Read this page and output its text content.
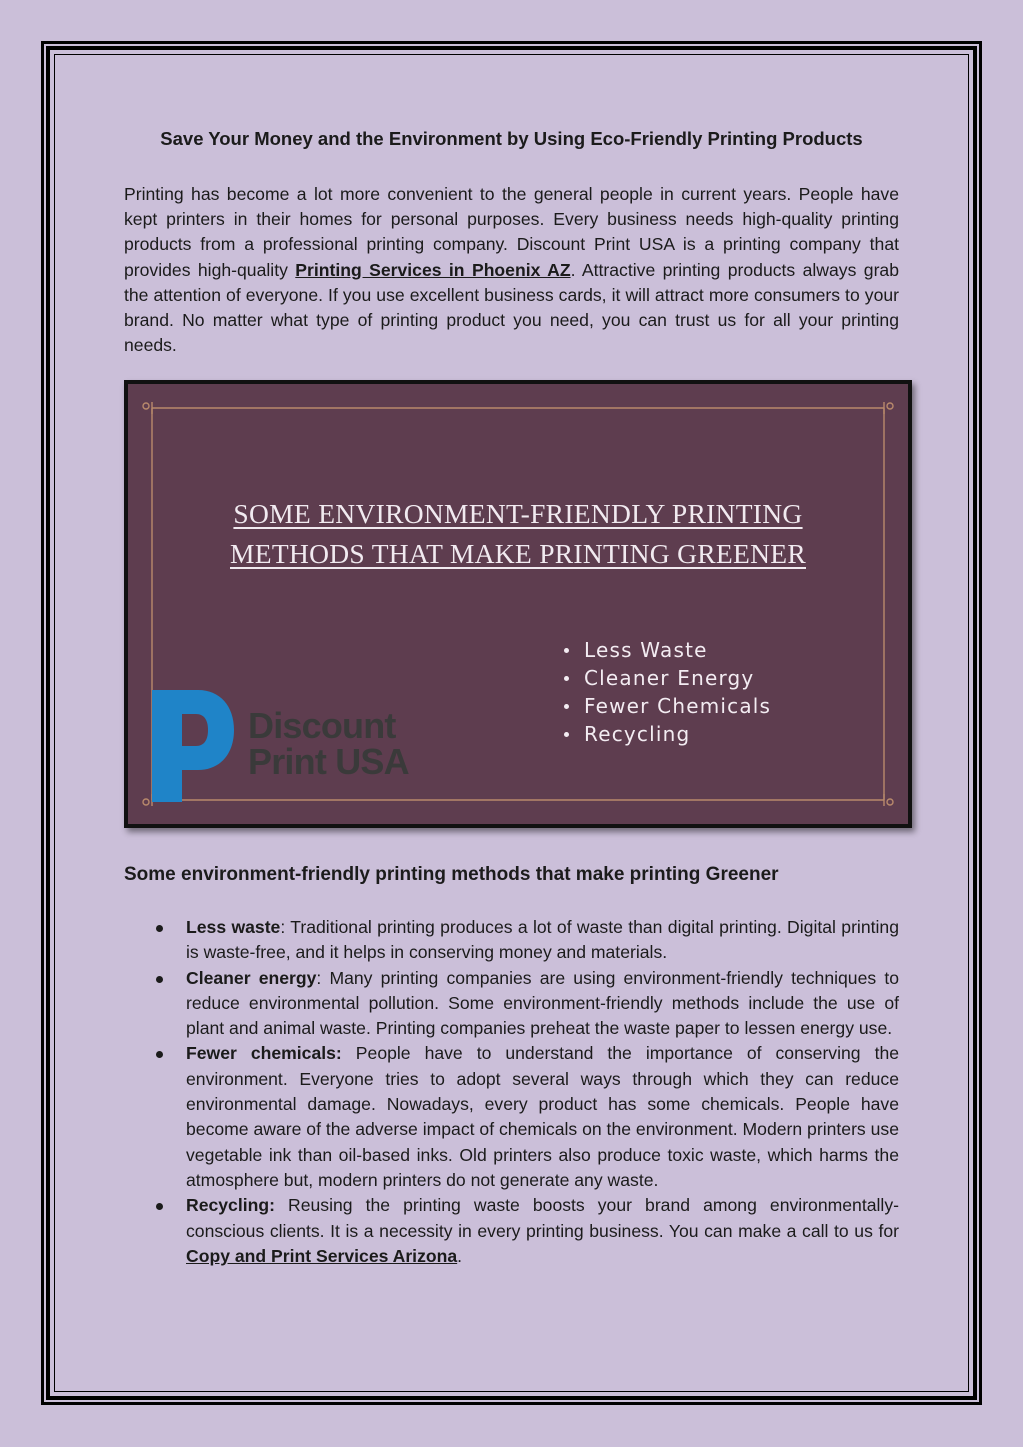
Save Your Money and the Environment by Using Eco-Friendly Printing Products

Printing has become a lot more convenient to the general people in current years. People have kept printers in their homes for personal purposes. Every business needs high-quality printing products from a professional printing company. Discount Print USA is a printing company that provides high-quality Printing Services in Phoenix AZ. Attractive printing products always grab the attention of everyone. If you use excellent business cards, it will attract more consumers to your brand. No matter what type of printing product you need, you can trust us for all your printing needs.

SOME ENVIRONMENT-FRIENDLY PRINTING
METHODS THAT MAKE PRINTING GREENER
Less Waste
Cleaner Energy
Fewer Chemicals
Recycling
Discount
Print USA
Some environment-friendly printing methods that make printing Greener
Less waste: Traditional printing produces a lot of waste than digital printing. Digital printing is waste-free, and it helps in conserving money and materials.
Cleaner energy: Many printing companies are using environment-friendly techniques to reduce environmental pollution. Some environment-friendly methods include the use of plant and animal waste. Printing companies preheat the waste paper to lessen energy use.
Fewer chemicals: People have to understand the importance of conserving the environment. Everyone tries to adopt several ways through which they can reduce environmental damage. Nowadays, every product has some chemicals. People have become aware of the adverse impact of chemicals on the environment. Modern printers use vegetable ink than oil-based inks. Old printers also produce toxic waste, which harms the atmosphere but, modern printers do not generate any waste.
Recycling: Reusing the printing waste boosts your brand among environmentally-conscious clients. It is a necessity in every printing business. You can make a call to us for Copy and Print Services Arizona.
